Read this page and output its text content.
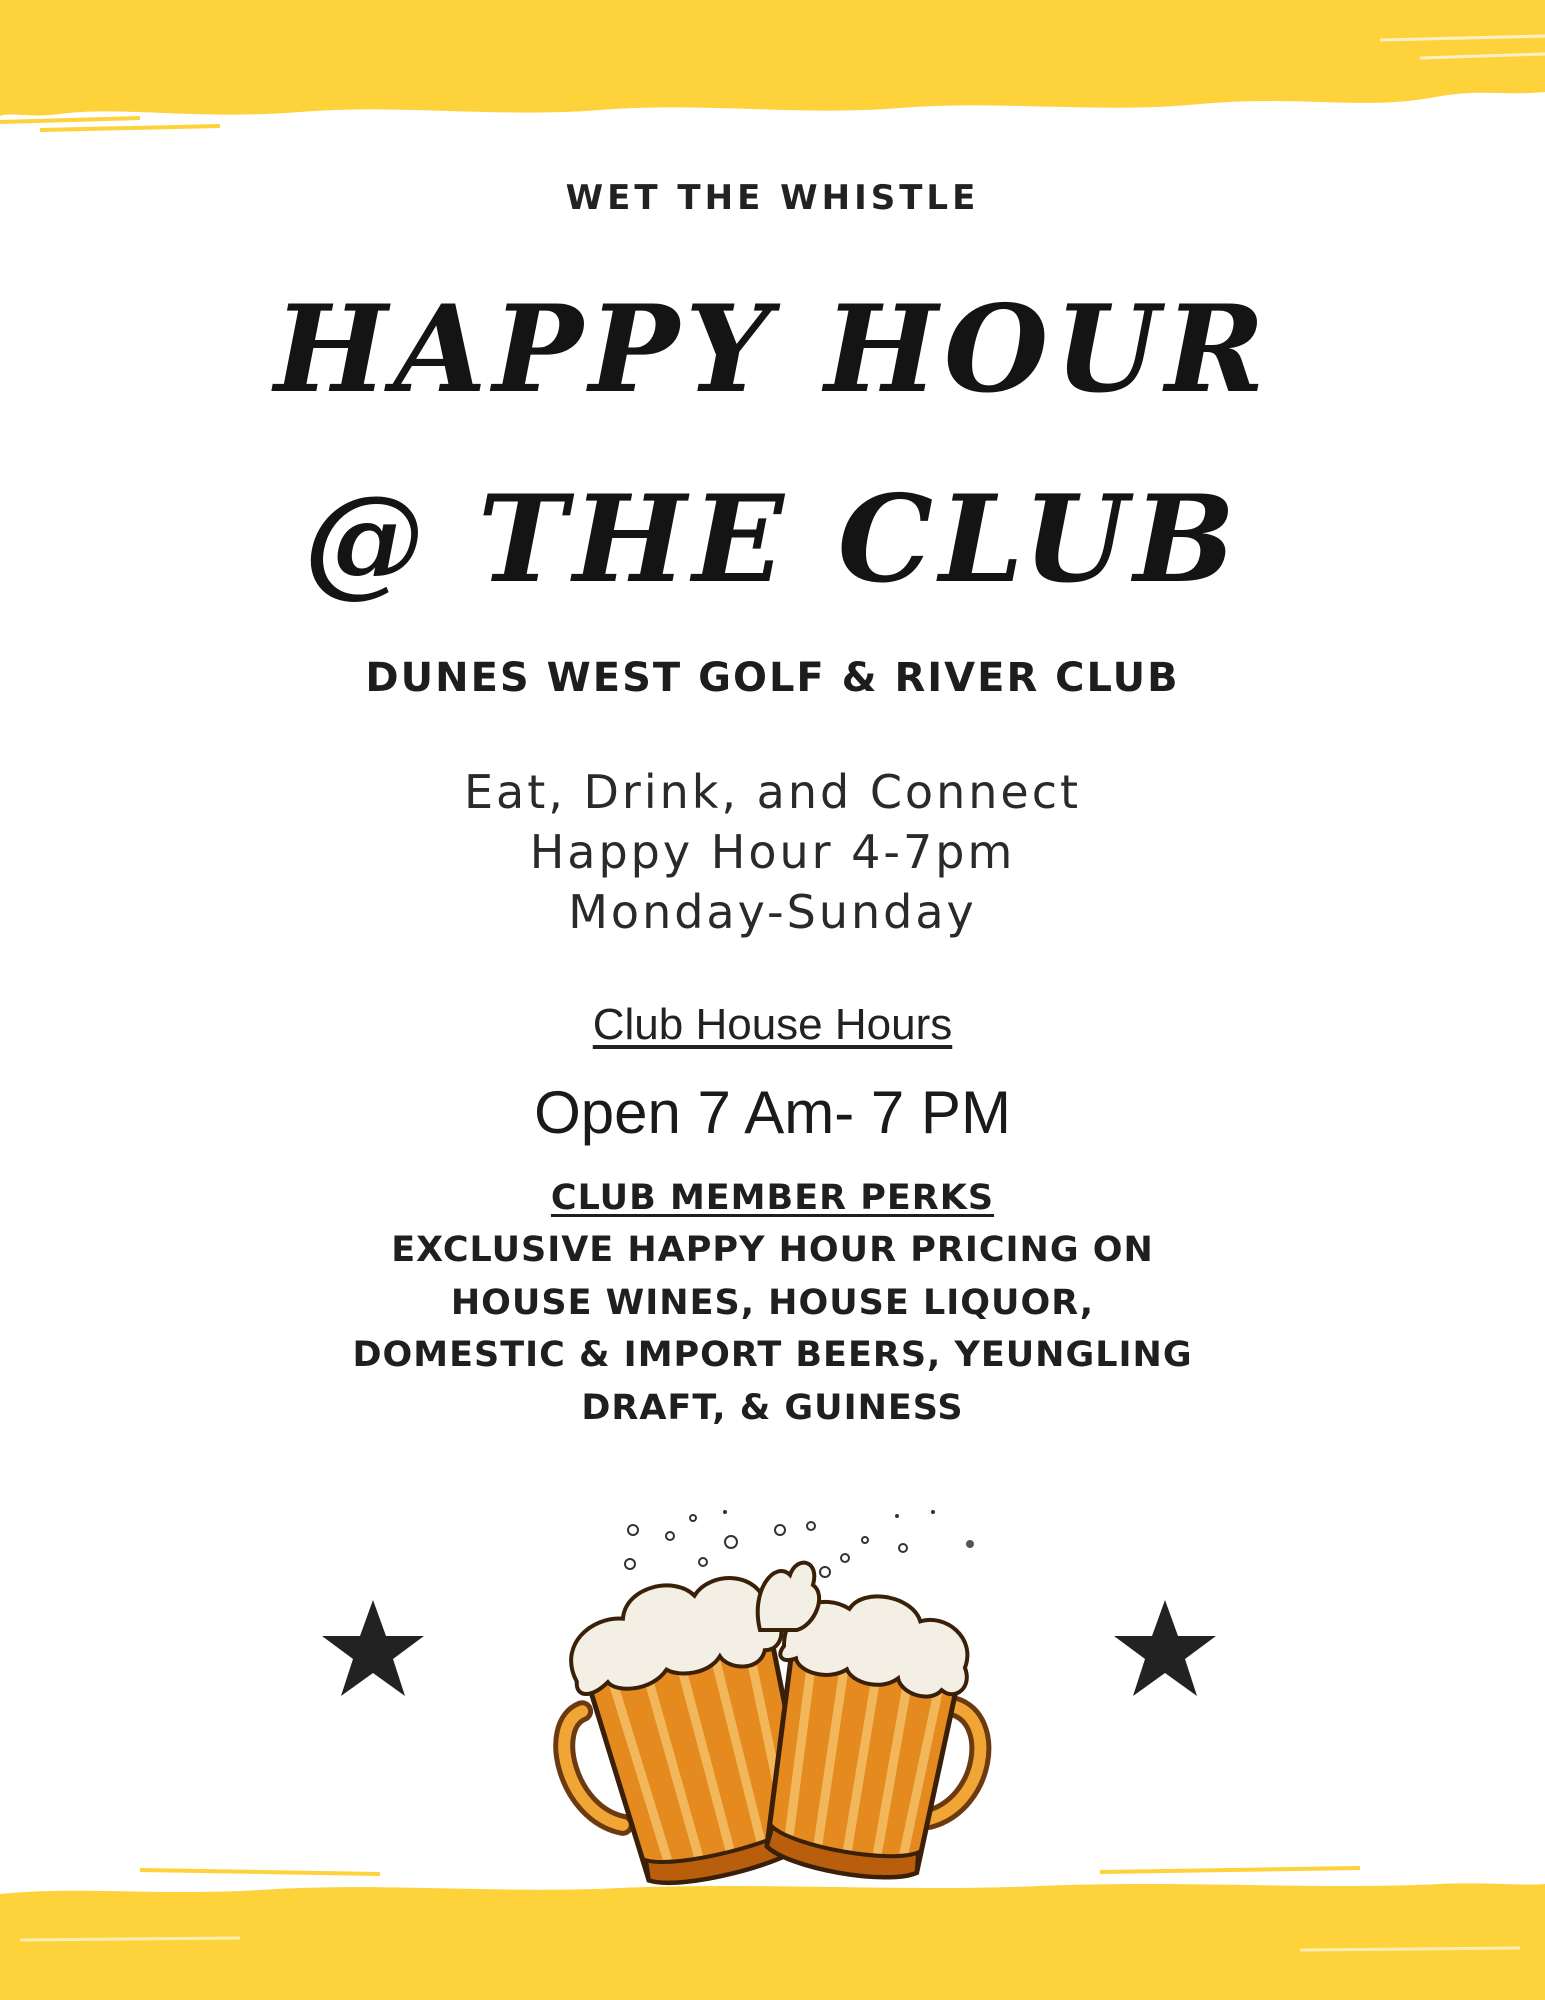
WET THE WHISTLE
HAPPY HOUR
@ THE CLUB
DUNES WEST GOLF & RIVER CLUB
Eat, Drink, and Connect
Happy Hour 4-7pm
Monday-Sunday
Club House Hours
Open 7 Am- 7 PM
CLUB MEMBER PERKS
EXCLUSIVE HAPPY HOUR PRICING ON
HOUSE WINES, HOUSE LIQUOR,
DOMESTIC & IMPORT BEERS, YEUNGLING
DRAFT, & GUINESS
